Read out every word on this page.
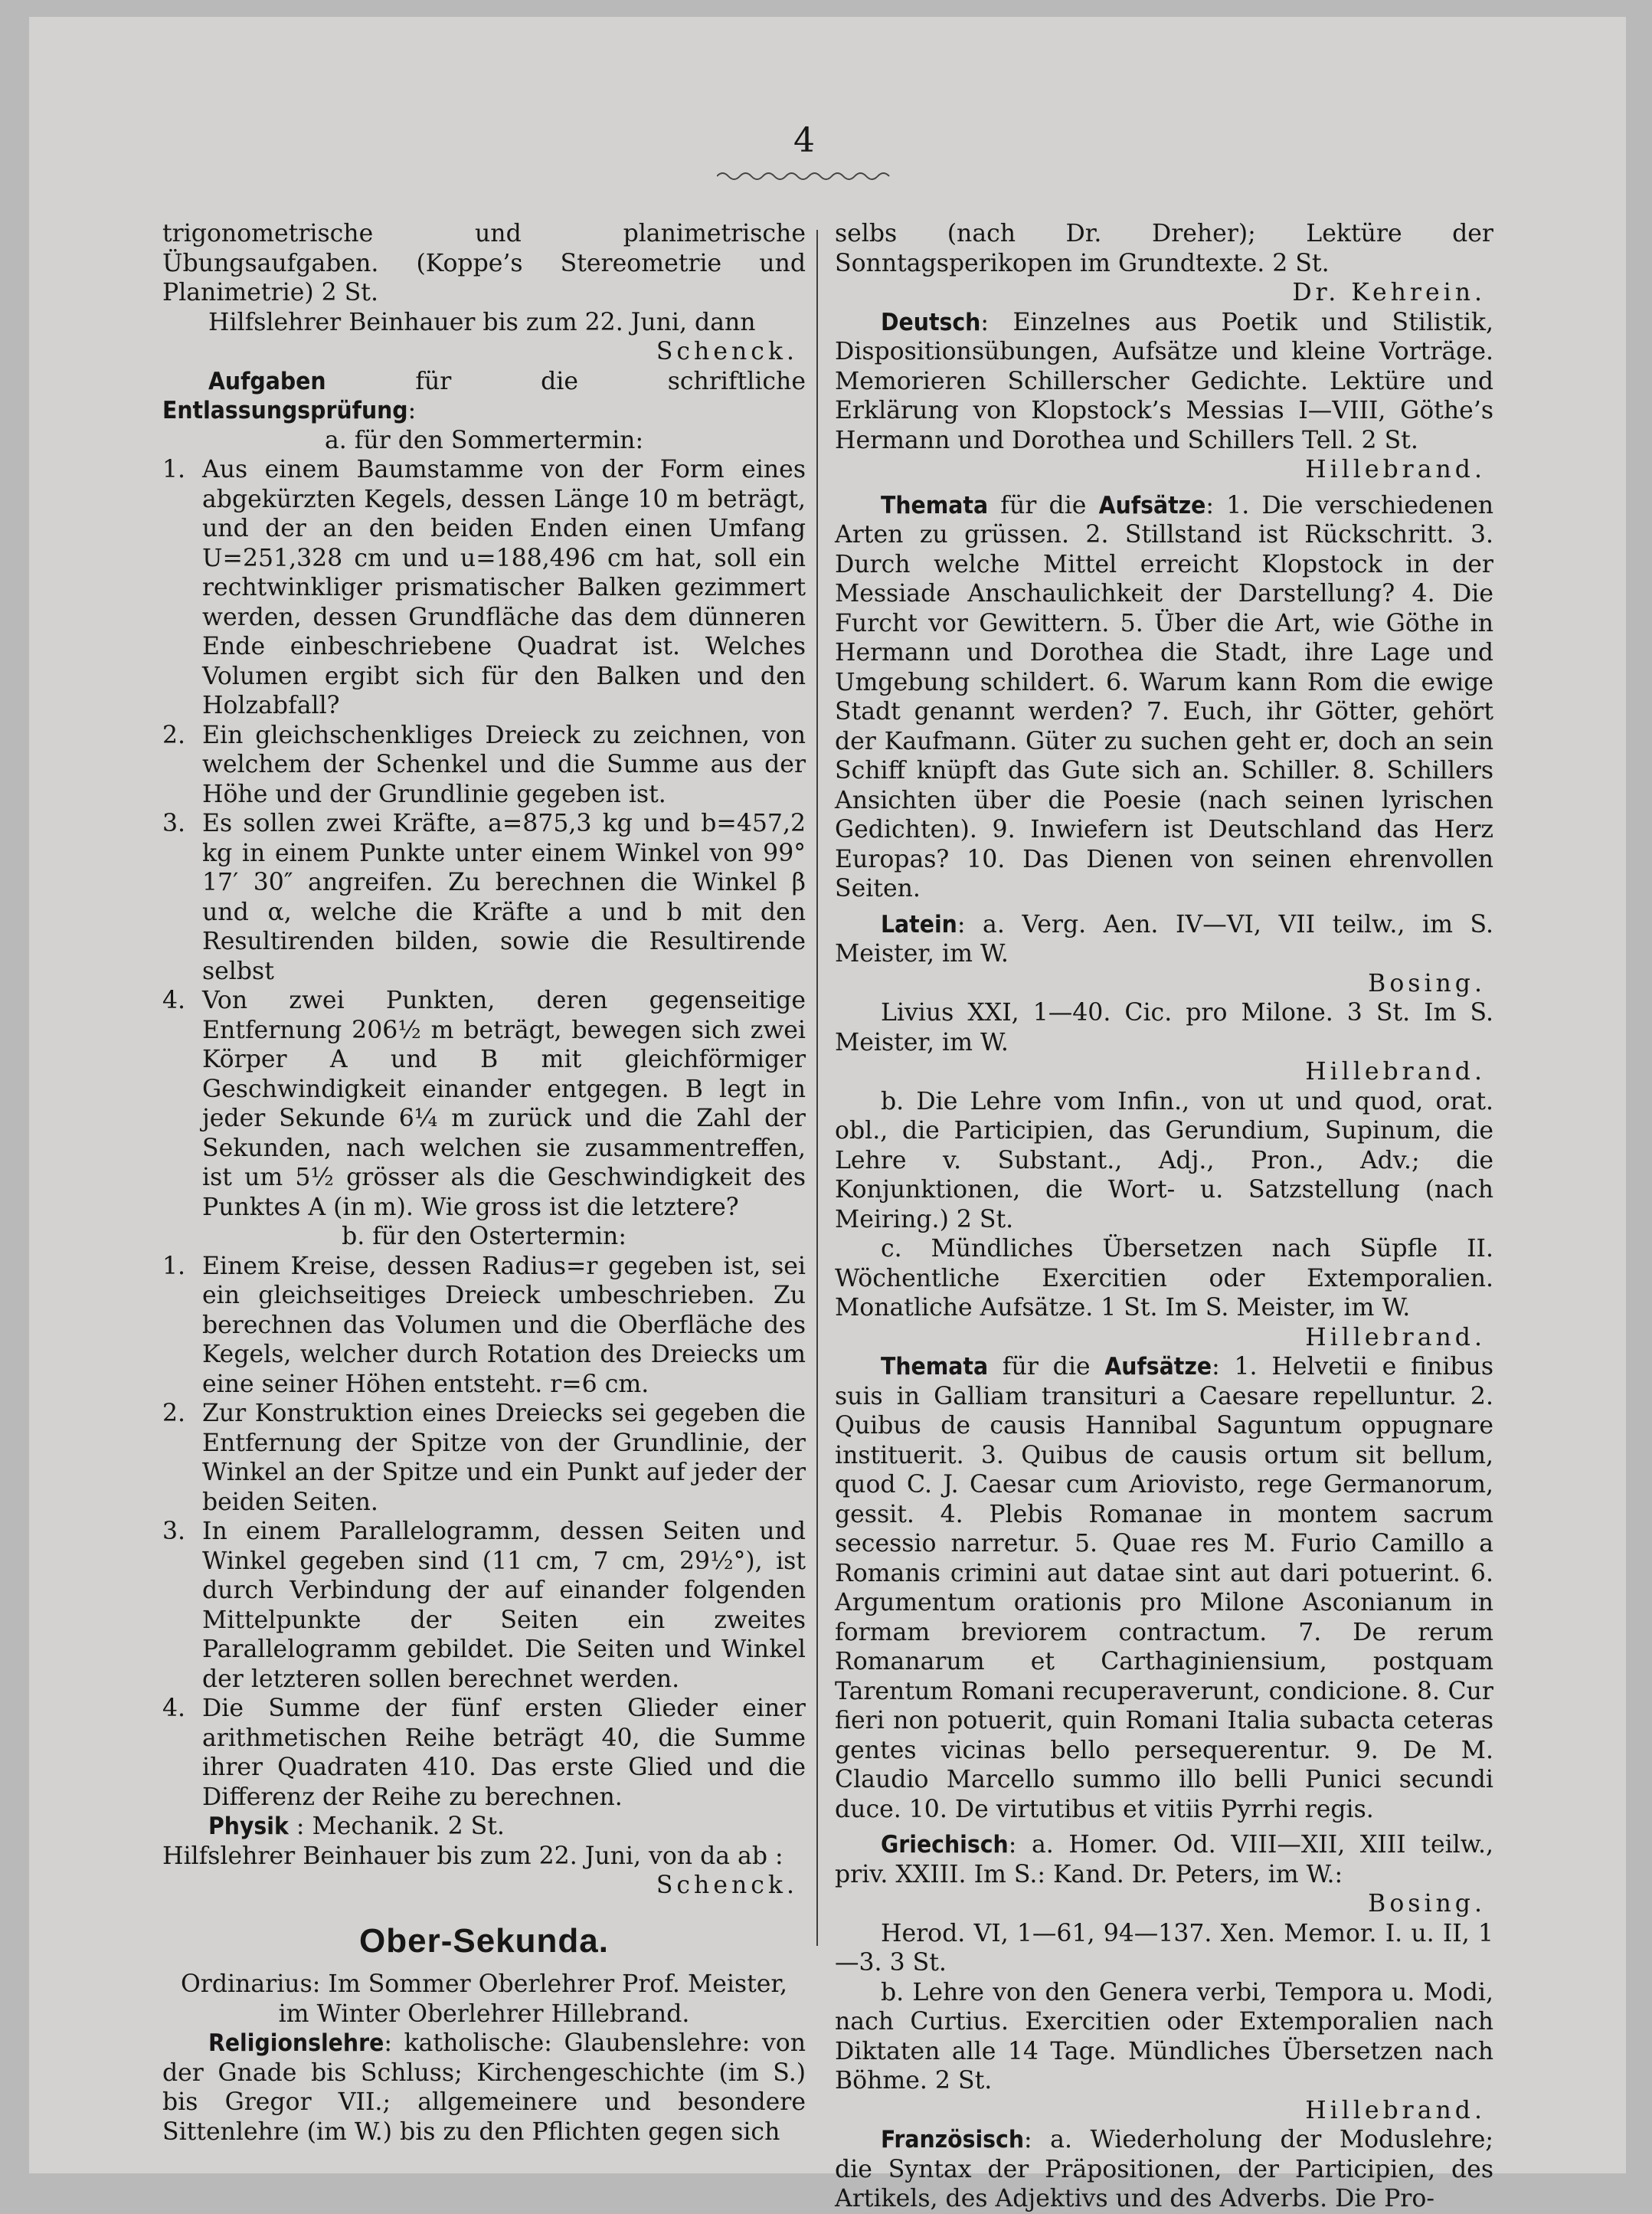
4

trigonometrische und planimetrische Übungsaufgaben. (Koppe’s Stereometrie und Planimetrie) 2 St.

Hilfslehrer Beinhauer bis zum 22. Juni, dann

Schenck.

Aufgaben	für die schriftliche Entlassungsprüfung:

a. für den Sommertermin:

1. Aus einem Baumstamme von der Form eines abgekürzten Kegels, dessen Länge 10 m beträgt, und der an den beiden Enden einen Umfang U=251,328 cm und u=188,496 cm hat, soll ein rechtwinkliger prismatischer Balken gezimmert werden, dessen Grundfläche das dem dünneren Ende einbeschriebene Quadrat ist. Welches Volumen ergibt sich für den Balken und den Holzabfall?

2. Ein gleichschenkliges Dreieck zu zeichnen, von welchem der Schenkel und die Summe aus der Höhe und der Grundlinie gegeben ist.

3. Es sollen zwei Kräfte, a=875,3 kg und b=457,2 kg in einem Punkte unter einem Winkel von 99° 17′ 30″ angreifen. Zu berechnen die Winkel β und α, welche die Kräfte a und b mit den Resultirenden bilden, sowie die Resultirende selbst

4. Von zwei Punkten, deren gegenseitige Entfernung 206½ m beträgt, bewegen sich zwei Körper A und B mit gleichförmiger Geschwindigkeit einander entgegen. B legt in jeder Sekunde 6¼ m zurück und die Zahl der Sekunden, nach welchen sie zusammentreffen, ist um 5½ grösser als die Geschwindigkeit des Punktes A (in m). Wie gross ist die letztere?

b. für den Ostertermin:

1. Einem Kreise, dessen Radius=r gegeben ist, sei ein gleichseitiges Dreieck umbeschrieben. Zu berechnen das Volumen und die Oberfläche des Kegels, welcher durch Rotation des Dreiecks um eine seiner Höhen entsteht. r=6 cm.

2. Zur Konstruktion eines Dreiecks sei gegeben die Entfernung der Spitze von der Grundlinie, der Winkel an der Spitze und ein Punkt auf jeder der beiden Seiten.

3. In einem Parallelogramm, dessen Seiten und Winkel gegeben sind (11 cm, 7 cm, 29½°), ist durch Verbindung der auf einander folgenden Mittelpunkte der Seiten ein zweites Parallelogramm gebildet. Die Seiten und Winkel der letzteren sollen berechnet werden.

4. Die Summe der fünf ersten Glieder einer arithmetischen Reihe beträgt 40, die Summe ihrer Quadraten 410. Das erste Glied und die Differenz der Reihe zu berechnen.

Physik : Mechanik. 2 St.

Hilfslehrer Beinhauer bis zum 22. Juni, von da ab :

Schenck.

Ober-Sekunda.

Ordinarius: Im Sommer Oberlehrer Prof. Meister,

im Winter Oberlehrer Hillebrand.

Religionslehre: katholische: Glaubenslehre: von der Gnade bis Schluss; Kirchengeschichte (im S.) bis Gregor VII.; allgemeinere und besondere Sittenlehre (im W.) bis zu den Pflichten gegen sich

selbs (nach Dr. Dreher); Lektüre der Sonntagsperikopen im Grundtexte. 2 St.

Dr. Kehrein.

Deutsch: Einzelnes aus Poetik und Stilistik, Dispositionsübungen, Aufsätze und kleine Vorträge. Memorieren Schillerscher Gedichte. Lektüre und Erklärung von Klopstock’s Messias I—VIII, Göthe’s Hermann und Dorothea und Schillers Tell. 2 St.

Hillebrand.

Themata für die Aufsätze: 1. Die verschiedenen Arten zu grüssen. 2. Stillstand ist Rückschritt. 3. Durch welche Mittel erreicht Klopstock in der Messiade Anschaulichkeit der Darstellung? 4. Die Furcht vor Gewittern. 5. Über die Art, wie Göthe in Hermann und Dorothea die Stadt, ihre Lage und Umgebung schildert. 6. Warum kann Rom die ewige Stadt genannt werden? 7. Euch, ihr Götter, gehört der Kaufmann. Güter zu suchen geht er, doch an sein Schiff knüpft das Gute sich an. Schiller. 8. Schillers Ansichten über die Poesie (nach seinen lyrischen Gedichten). 9. Inwiefern ist Deutschland das Herz Europas? 10. Das Dienen von seinen ehrenvollen Seiten.

Latein: a. Verg. Aen. IV—VI, VII teilw., im S. Meister, im W.

Bosing.

Livius XXI, 1—40. Cic. pro Milone. 3 St. Im S. Meister, im W.

Hillebrand.

b. Die Lehre vom Infin., von ut und quod, orat. obl., die Participien, das Gerundium, Supinum, die Lehre v. Substant., Adj., Pron., Adv.; die Konjunktionen, die Wort- u. Satzstellung (nach Meiring.) 2 St.

c. Mündliches Übersetzen nach Süpfle II. Wöchentliche Exercitien oder Extemporalien. Monatliche Aufsätze. 1 St. Im S. Meister, im W.

Hillebrand.

Themata für die Aufsätze: 1. Helvetii e finibus suis in Galliam transituri a Caesare repelluntur. 2. Quibus de causis Hannibal Saguntum oppugnare instituerit. 3. Quibus de causis ortum sit bellum, quod C. J. Caesar cum Ariovisto, rege Germanorum, gessit. 4. Plebis Romanae in montem sacrum secessio narretur. 5. Quae res M. Furio Camillo a Romanis crimini aut datae sint aut dari potuerint. 6. Argumentum orationis pro Milone Asconianum in formam breviorem contractum. 7. De rerum Romanarum et Carthaginiensium, postquam Tarentum Romani recuperaverunt, condicione. 8. Cur fieri non potuerit, quin Romani Italia subacta ceteras gentes vicinas bello persequerentur. 9. De M. Claudio Marcello summo illo belli Punici secundi duce. 10. De virtutibus et vitiis Pyrrhi regis.

Griechisch: a. Homer. Od. VIII—XII, XIII teilw., priv. XXIII. Im S.: Kand. Dr. Peters, im W.:

Bosing.

Herod. VI, 1—61, 94—137. Xen. Memor. I. u. II, 1—3. 3 St.

b. Lehre von den Genera verbi, Tempora u. Modi, nach Curtius. Exercitien oder Extemporalien nach Diktaten alle 14 Tage. Mündliches Übersetzen nach Böhme. 2 St.

Hillebrand.

Französisch: a. Wiederholung der Moduslehre; die Syntax der Präpositionen, der Participien, des Artikels, des Adjektivs und des Adverbs. Die Pro-
